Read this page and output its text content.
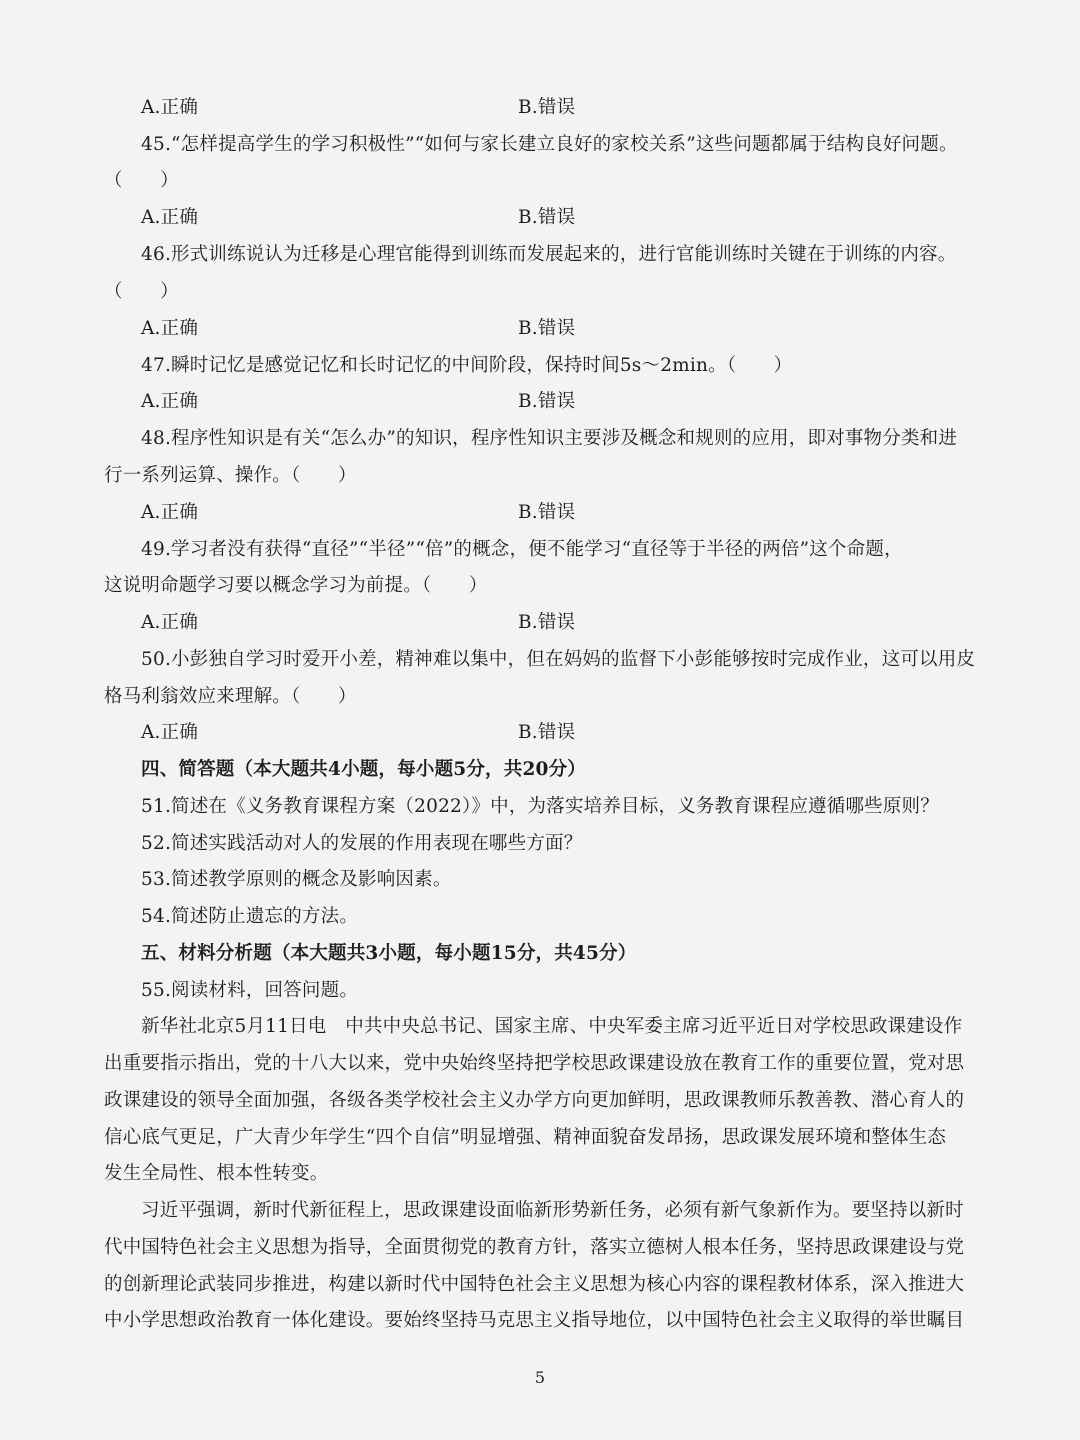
A.正确	B.错误
45.“怎样提高学生的学习积极性”“如何与家长建立良好的家校关系”这些问题都属于结构良好问题。
（　　）
A.正确	B.错误
46.形式训练说认为迁移是心理官能得到训练而发展起来的，进行官能训练时关键在于训练的内容。
（　　）
A.正确	B.错误
47.瞬时记忆是感觉记忆和长时记忆的中间阶段，保持时间5s～2min。（　　）
A.正确	B.错误
48.程序性知识是有关“怎么办”的知识，程序性知识主要涉及概念和规则的应用，即对事物分类和进
行一系列运算、操作。（　　）
A.正确	B.错误
49.学习者没有获得“直径”“半径”“倍”的概念，便不能学习“直径等于半径的两倍”这个命题，
这说明命题学习要以概念学习为前提。（　　）
A.正确	B.错误
50.小彭独自学习时爱开小差，精神难以集中，但在妈妈的监督下小彭能够按时完成作业，这可以用皮
格马利翁效应来理解。（　　）
A.正确	B.错误
四、简答题（本大题共4小题，每小题5分，共20分）
51.简述在《义务教育课程方案（2022）》中，为落实培养目标，义务教育课程应遵循哪些原则？
52.简述实践活动对人的发展的作用表现在哪些方面？
53.简述教学原则的概念及影响因素。
54.简述防止遗忘的方法。
五、材料分析题（本大题共3小题，每小题15分，共45分）
55.阅读材料，回答问题。
新华社北京5月11日电　中共中央总书记、国家主席、中央军委主席习近平近日对学校思政课建设作
出重要指示指出，党的十八大以来，党中央始终坚持把学校思政课建设放在教育工作的重要位置，党对思
政课建设的领导全面加强，各级各类学校社会主义办学方向更加鲜明，思政课教师乐教善教、潜心育人的
信心底气更足，广大青少年学生“四个自信”明显增强、精神面貌奋发昂扬，思政课发展环境和整体生态
发生全局性、根本性转变。
习近平强调，新时代新征程上，思政课建设面临新形势新任务，必须有新气象新作为。要坚持以新时
代中国特色社会主义思想为指导，全面贯彻党的教育方针，落实立德树人根本任务，坚持思政课建设与党
的创新理论武装同步推进，构建以新时代中国特色社会主义思想为核心内容的课程教材体系，深入推进大
中小学思想政治教育一体化建设。要始终坚持马克思主义指导地位，以中国特色社会主义取得的举世瞩目
5
